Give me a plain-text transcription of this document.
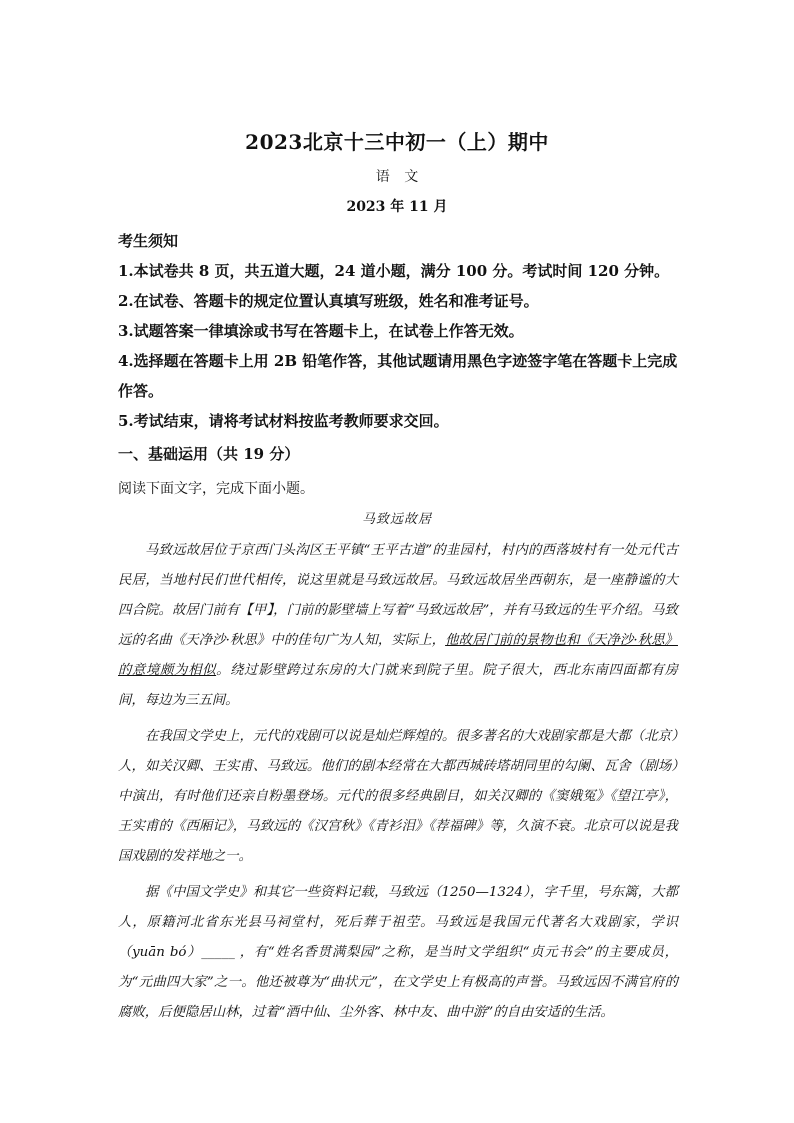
2023北京十三中初一（上）期中
语 文
2023 年 11 月

考生须知

1.本试卷共 8 页，共五道大题，24 道小题，满分 100 分。考试时间 120 分钟。2.在试卷、答题卡的规定位置认真填写班级，姓名和准考证号。

3.试题答案一律填涂或书写在答题卡上，在试卷上作答无效。

4.选择题在答题卡上用 2B 铅笔作答，其他试题请用黑色字迹签字笔在答题卡上完成作答。

5.考试结束，请将考试材料按监考教师要求交回。

一、基础运用（共 19 分）
阅读下面文字，完成下面小题。
马致远故居

马致远故居位于京西门头沟区王平镇“王平古道”的韭园村，村内的西落坡村有一处元代古民居，当地村民们世代相传，说这里就是马致远故居。马致远故居坐西朝东，是一座静谧的大四合院。故居门前有【甲】，门前的影壁墙上写着“马致远故居”，并有马致远的生平介绍。马致远的名曲《天净沙·秋思》中的佳句广为人知，实际上，他故居门前的景物也和《天净沙·秋思》的意境颇为相似。绕过影壁跨过东房的大门就来到院子里。院子很大，西北东南四面都有房间，每边为三五间。

在我国文学史上，元代的戏剧可以说是灿烂辉煌的。很多著名的大戏剧家都是大都（北京）人，如关汉卿、王实甫、马致远。他们的剧本经常在大都西城砖塔胡同里的勾阑、瓦舍（剧场）中演出，有时他们还亲自粉墨登场。元代的很多经典剧目，如关汉卿的《窦娥冤》《望江亭》，王实甫的《西厢记》，马致远的《汉宫秋》《青衫泪》《荐福碑》等，久演不衰。北京可以说是我国戏剧的发祥地之一。

据《中国文学史》和其它一些资料记载，马致远（1250—1324），字千里，号东篱，大都人，原籍河北省东光县马祠堂村，死后葬于祖茔。马致远是我国元代著名大戏剧家，学识（yuān bó）_____ ，有“姓名香贯满梨园”之称，是当时文学组织“贞元书会”的主要成员，为“元曲四大家”之一。他还被尊为“曲状元”，在文学史上有极高的声誉。马致远因不满官府的腐败，后便隐居山林，过着“酒中仙、尘外客、林中友、曲中游”的自由安适的生活。
